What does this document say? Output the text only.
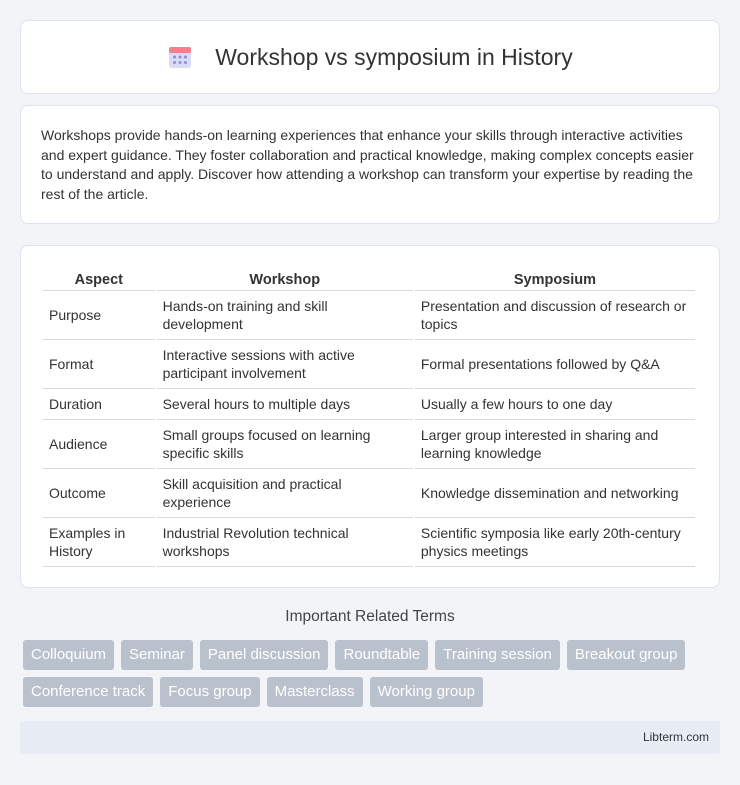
Workshop vs symposium in History

Workshops provide hands-on learning experiences that enhance your skills through interactive activities and expert guidance. They foster collaboration and practical knowledge, making complex concepts easier to understand and apply. Discover how attending a workshop can transform your expertise by reading the rest of the article.

Aspect	Workshop	Symposium
Purpose	Hands-on training and skill development	Presentation and discussion of research or topics
Format	Interactive sessions with active participant involvement	Formal presentations followed by Q&A
Duration	Several hours to multiple days	Usually a few hours to one day
Audience	Small groups focused on learning specific skills	Larger group interested in sharing and learning knowledge
Outcome	Skill acquisition and practical experience	Knowledge dissemination and networking
Examples in History	Industrial Revolution technical workshops	Scientific symposia like early 20th-century physics meetings
Important Related Terms
Colloquium	Seminar	Panel discussion	Roundtable	Training session	Breakout group
Conference track	Focus group	Masterclass	Working group
Libterm.com
